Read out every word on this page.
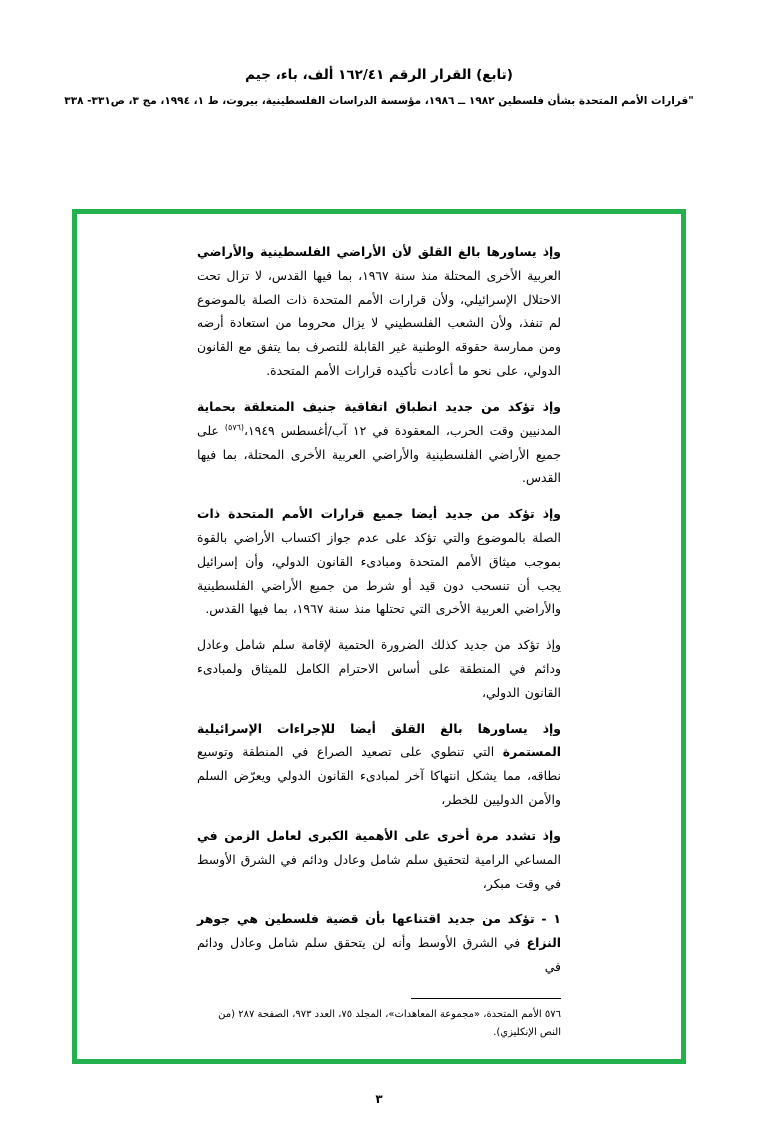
(تابع) القرار الرقم ١٦٢/٤١ ألف، باء، جيم
"قرارات الأمم المتحدة بشأن فلسطين ١٩٨٢ ــ ١٩٨٦، مؤسسة الدراسات الفلسطينية، بيروت، ط ١، ١٩٩٤، مج ٣، ص٣٣١- ٣٣٨

وإذ يساورها بالغ القلق لأن الأراضي الفلسطينية والأراضي العربية الأخرى المحتلة منذ سنة ١٩٦٧، بما فيها القدس، لا تزال تحت الاحتلال الإسرائيلي، ولأن قرارات الأمم المتحدة ذات الصلة بالموضوع لم تنفذ، ولأن الشعب الفلسطيني لا يزال محروما من استعادة أرضه ومن ممارسة حقوقه الوطنية غير القابلة للتصرف بما يتفق مع القانون الدولي، على نحو ما أعادت تأكيده قرارات الأمم المتحدة.

وإذ تؤكد من جديد انطباق اتفاقية جنيف المتعلقة بحماية المدنيين وقت الحرب، المعقودة في ١٢ آب/أغسطس ١٩٤٩،$^{(٥٧٦)}$ على جميع الأراضي الفلسطينية والأراضي العربية الأخرى المحتلة، بما فيها القدس.

وإذ تؤكد من جديد أيضا جميع قرارات الأمم المتحدة ذات الصلة بالموضوع والتي تؤكد على عدم جواز اكتساب الأراضي بالقوة بموجب ميثاق الأمم المتحدة ومبادىء القانون الدولي، وأن إسرائيل يجب أن تنسحب دون قيد أو شرط من جميع الأراضي الفلسطينية والأراضي العربية الأخرى التي تحتلها منذ سنة ١٩٦٧، بما فيها القدس.

وإذ تؤكد من جديد كذلك الضرورة الحتمية لإقامة سلم شامل وعادل ودائم في المنطقة على أساس الاحترام الكامل للميثاق ولمبادىء القانون الدولي،

وإذ يساورها بالغ القلق أيضا للإجراءات الإسرائيلية المستمرة التي تنطوي على تصعيد الصراع في المنطقة وتوسيع نطاقه، مما يشكل انتهاكا آخر لمبادىء القانون الدولي ويعرّض السلم والأمن الدوليين للخطر،

وإذ تشدد مرة أخرى على الأهمية الكبرى لعامل الزمن في المساعي الرامية لتحقيق سلم شامل وعادل ودائم في الشرق الأوسط في وقت مبكر،

١ - تؤكد من جديد اقتناعها بأن قضية فلسطين هي جوهر النزاع في الشرق الأوسط وأنه لن يتحقق سلم شامل وعادل ودائم في

٥٧٦ الأمم المتحدة، «مجموعة المعاهدات»، المجلد ٧٥، العدد ٩٧٣، الصفحة ٢٨٧ (من النص الإنكليزي).

٣
